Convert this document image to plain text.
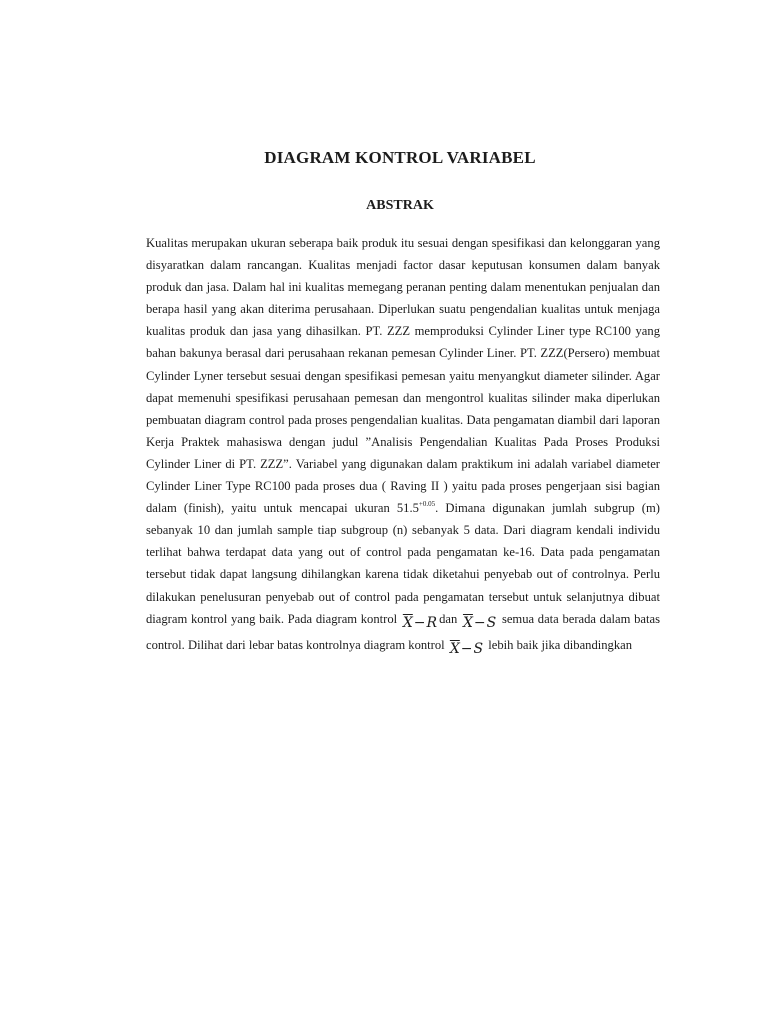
DIAGRAM KONTROL VARIABEL
ABSTRAK

Kualitas merupakan ukuran seberapa baik produk itu sesuai dengan spesifikasi dan kelonggaran yang disyaratkan dalam rancangan. Kualitas menjadi factor dasar keputusan konsumen dalam banyak produk dan jasa. Dalam hal ini kualitas memegang peranan penting dalam menentukan penjualan dan berapa hasil yang akan diterima perusahaan. Diperlukan suatu pengendalian kualitas untuk menjaga kualitas produk dan jasa yang dihasilkan. PT. ZZZ memproduksi Cylinder Liner type RC100 yang bahan bakunya berasal dari perusahaan rekanan pemesan Cylinder Liner. PT. ZZZ(Persero) membuat Cylinder Lyner tersebut sesuai dengan spesifikasi pemesan yaitu menyangkut diameter silinder. Agar dapat memenuhi spesifikasi perusahaan pemesan dan mengontrol kualitas silinder maka diperlukan pembuatan diagram control pada proses pengendalian kualitas. Data pengamatan diambil dari laporan Kerja Praktek mahasiswa dengan judul ”Analisis Pengendalian Kualitas Pada Proses Produksi Cylinder Liner di PT. ZZZ”. Variabel yang digunakan dalam praktikum ini adalah variabel diameter Cylinder Liner Type RC100 pada proses dua ( Raving II ) yaitu pada proses pengerjaan sisi bagian dalam (finish), yaitu untuk mencapai ukuran $51.5^{+0.05}$. Dimana digunakan jumlah subgrup (m) sebanyak 10 dan jumlah sample tiap subgroup (n) sebanyak 5 data. Dari diagram kendali individu terlihat bahwa terdapat data yang out of control pada pengamatan ke-16. Data pada pengamatan tersebut tidak dapat langsung dihilangkan karena tidak diketahui penyebab out of controlnya. Perlu dilakukan penelusuran penyebab out of control pada pengamatan tersebut untuk selanjutnya dibuat diagram kontrol yang baik. Pada diagram kontrol $\overline{X}-R$ dan $\overline{X}-S$ semua data berada dalam batas control. Dilihat dari lebar batas kontrolnya diagram kontrol $\overline{X}-S$ lebih baik jika dibandingkan
